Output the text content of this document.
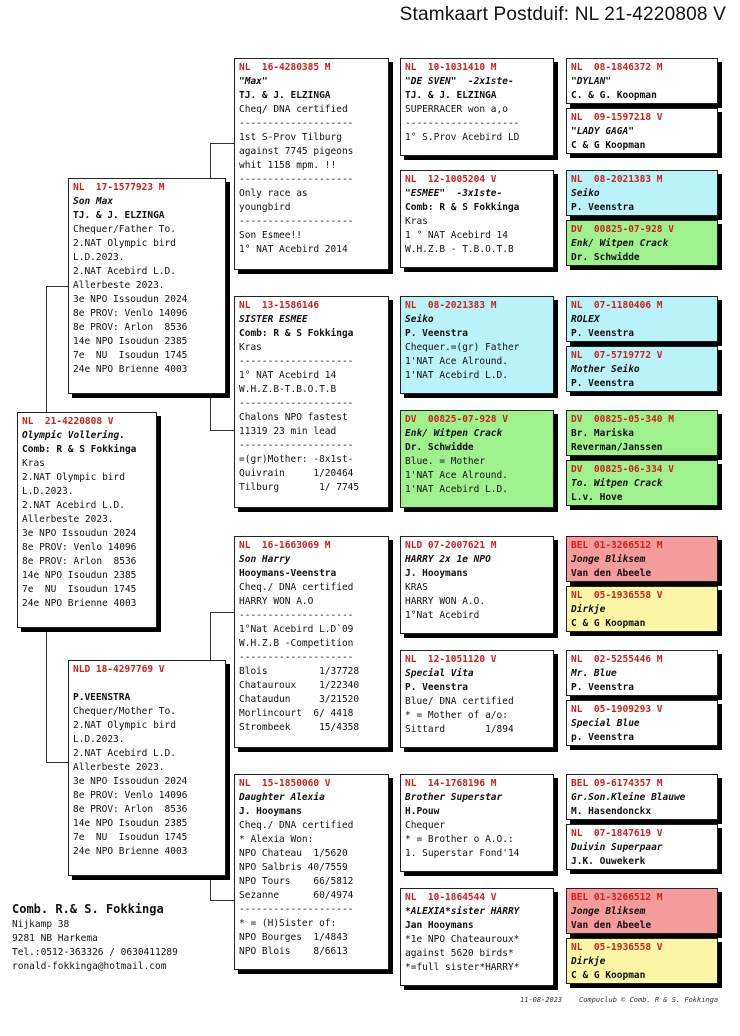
Stamkaart Postduif: NL 21-4220808 V
NL  21-4220808 V
Olympic Vollering.
Comb: R & S Fokkinga
Kras
2.NAT Olympic bird
L.D.2023.
2.NAT Acebird L.D.
Allerbeste 2023.
3e NPO Issoudun 2024
8e PROV: Venlo 14096
8e PROV: Arlon  8536
14e NPO Isoudun 2385
7e  NU  Isoudun 1745
24e NPO Brienne 4003
NL  17-1577923 M
Son Max
TJ. & J. ELZINGA
Chequer/Father To.
2.NAT Olympic bird
L.D.2023.
2.NAT Acebird L.D.
Allerbeste 2023.
3e NPO Issoudun 2024
8e PROV: Venlo 14096
8e PROV: Arlon  8536
14e NPO Isoudun 2385
7e  NU  Isoudun 1745
24e NPO Brienne 4003
NLD 18-4297769 V
P.VEENSTRA
Chequer/Mother To.
2.NAT Olympic bird
L.D.2023.
2.NAT Acebird L.D.
Allerbeste 2023.
3e NPO Issoudun 2024
8e PROV: Venlo 14096
8e PROV: Arlon  8536
14e NPO Isoudun 2385
7e  NU  Isoudun 1745
24e NPO Brienne 4003
NL  16-4280385 M
"Max"
TJ. & J. ELZINGA
Cheq/ DNA certified
--------------------
1st S-Prov Tilburg
against 7745 pigeons
whit 1158 mpm. !!
--------------------
Only race as
youngbird
--------------------
Son Esmee!!
1° NAT Acebird 2014
NL  13-1586146
SISTER ESMEE
Comb: R & S Fokkinga
Kras
--------------------
1° NAT Acebird 14
W.H.Z.B-T.B.O.T.B
--------------------
Chalons NPO fastest
11319 23 min lead
--------------------
=(gr)Mother: -8x1st-
Quivrain     1/20464
Tilburg       1/ 7745
NL  16-1663069 M
Son Harry
Hooymans-Veenstra
Cheq./ DNA certified
HARRY WON A.O
--------------------
1°Nat Acebird L.D`09
W.H.Z.B -Competition
--------------------
Blois         1/37728
Chatauroux    1/22340
Chataudun     3/21520
Morlincourt  6/ 4418
Strombeek     15/4358
NL  15-1850060 V
Daughter Alexia
J. Hooymans
Cheq./ DNA certified
* Alexia Won:
NPO Chateau  1/5620
NPO Salbris 40/7559
NPO Tours    66/5812
Sezanne      60/4974
--------------------
* = (H)Sister of:
NPO Bourges  1/4843
NPO Blois    8/6613
NL  10-1031410 M
"DE SVEN"  -2x1ste-
TJ. & J. ELZINGA
SUPERRACER won a,o
--------------------
1° S.Prov Acebird LD
NL  12-1005204 V
"ESMEE"  -3x1ste-
Comb: R & S Fokkinga
Kras
1 ° NAT Acebird 14
W.H.Z.B - T.B.O.T.B
NL  08-2021383 M
Seiko
P. Veenstra
Chequer.=(gr) Father
1'NAT Ace Alround.
1'NAT Acebird L.D.
DV  00825-07-928 V
Enk/ Witpen Crack
Dr. Schwidde
Blue. = Mother
1'NAT Ace Alround.
1'NAT Acebird L.D.
NLD 07-2007621 M
HARRY 2x 1e NPO
J. Hooymans
KRAS
HARRY WON A.O.
1°Nat Acebird
NL  12-1051120 V
Special Vita
P. Veenstra
Blue/ DNA certified
* = Mother of a/o:
Sittard       1/894
NL  14-1768196 M
Brother Superstar
H.Pouw
Chequer
* = Brother o A.O.:
1. Superstar Fond'14
NL  10-1864544 V
*ALEXIA*sister HARRY
Jan Hooymans
*1e NPO Chateauroux*
against 5620 birds*
*=full sister*HARRY*
NL  08-1846372 M
"DYLAN"
C. & G. Koopman
NL  09-1597218 V
"LADY GAGA"
C & G Koopman
NL  08-2021383 M
Seiko
P. Veenstra
DV  00825-07-928 V
Enk/ Witpen Crack
Dr. Schwidde
NL  07-1180406 M
ROLEX
P. Veenstra
NL  07-5719772 V
Mother Seiko
P. Veenstra
DV  00825-05-340 M
Br. Mariska
Reverman/Janssen
DV  00825-06-334 V
To. Witpen Crack
L.v. Hove
BEL 01-3266512 M
Jonge Bliksem
Van den Abeele
NL  05-1936558 V
Dirkje
C & G Koopman
NL  02-5255446 M
Mr. Blue
P. Veenstra
NL  05-1909293 V
Special Blue
p. Veenstra
BEL 09-6174357 M
Gr.Son.Kleine Blauwe
M. Hasendonckx
NL  07-1847619 V
Duivin Superpaar
J.K. Ouwekerk
BEL 01-3266512 M
Jonge Bliksem
Van den Abeele
NL  05-1936558 V
Dirkje
C & G Koopman
Comb. R.& S. Fokkinga
Nijkamp 38
9281 NB Harkema
Tel.:0512-363326 / 0630411289
ronald-fokkinga@hotmail.com
11-08-2023    Compuclub © Comb. R & S. Fokkinga
